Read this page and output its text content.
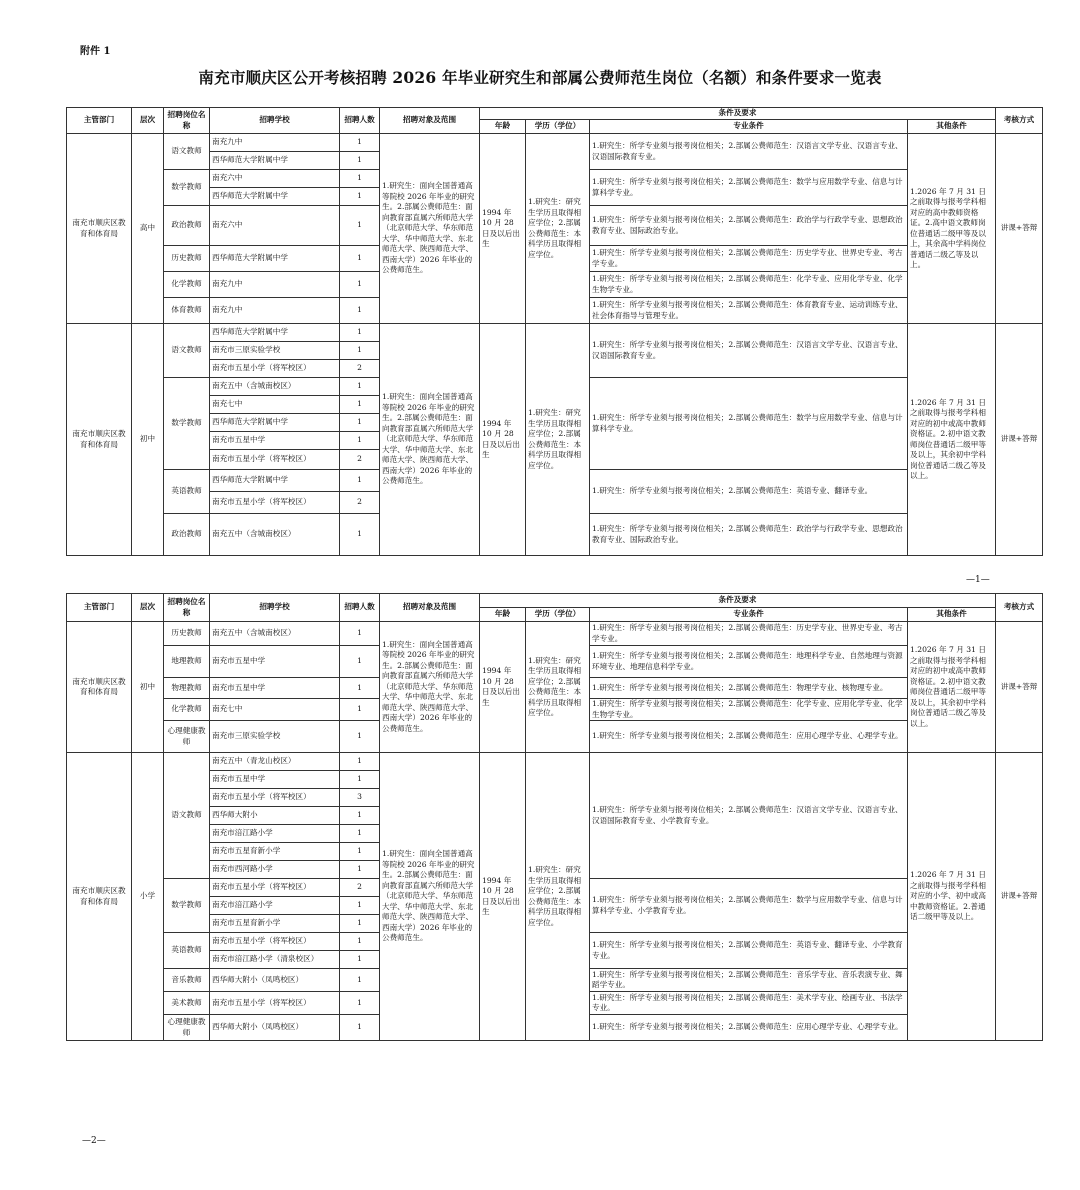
附件 1
南充市顺庆区公开考核招聘 2026 年毕业研究生和部属公费师范生岗位（名额）和条件要求一览表
主管部门	层次	招聘岗位名称	招聘学校	招聘人数	招聘对象及范围	条件及要求				考核方式
						年龄	学历（学位）	专业条件	其他条件	
南充市顺庆区教育和体育局	高中	语文教师	南充九中	1	1.研究生：面向全国普通高等院校 2026 年毕业的研究生。2.部属公费师范生：面向教育部直属六所师范大学（北京师范大学、华东师范大学、华中师范大学、东北师范大学、陕西师范大学、西南大学）2026 年毕业的公费师范生。	1994 年 10 月 28 日及以后出生	1.研究生：研究生学历且取得相应学位；2.部属公费师范生：本科学历且取得相应学位。	1.研究生：所学专业须与报考岗位相关；2.部属公费师范生：汉语言文学专业、汉语言专业、汉语国际教育专业。	1.2026 年 7 月 31 日之前取得与报考学科相对应的高中教师资格证。2.高中语文教师岗位普通话二级甲等及以上，其余高中学科岗位普通话二级乙等及以上。	讲课+答辩
			西华师范大学附属中学	1						
		数学教师	南充六中	1				1.研究生：所学专业须与报考岗位相关；2.部属公费师范生：数学与应用数学专业、信息与计算科学专业。		
			西华师范大学附属中学	1						
		政治教师	南充六中	1				1.研究生：所学专业须与报考岗位相关；2.部属公费师范生：政治学与行政学专业、思想政治教育专业、国际政治专业。		
		历史教师	西华师范大学附属中学	1				1.研究生：所学专业须与报考岗位相关；2.部属公费师范生：历史学专业、世界史专业、考古学专业。		
		化学教师	南充九中	1				1.研究生：所学专业须与报考岗位相关；2.部属公费师范生：化学专业、应用化学专业、化学生物学专业。		
		体育教师	南充九中	1				1.研究生：所学专业须与报考岗位相关；2.部属公费师范生：体育教育专业、运动训练专业、社会体育指导与管理专业。		
南充市顺庆区教育和体育局	初中	语文教师	西华师范大学附属中学	1	1.研究生：面向全国普通高等院校 2026 年毕业的研究生。2.部属公费师范生：面向教育部直属六所师范大学（北京师范大学、华东师范大学、华中师范大学、东北师范大学、陕西师范大学、西南大学）2026 年毕业的公费师范生。	1994 年 10 月 28 日及以后出生	1.研究生：研究生学历且取得相应学位；2.部属公费师范生：本科学历且取得相应学位。	1.研究生：所学专业须与报考岗位相关；2.部属公费师范生：汉语言文学专业、汉语言专业、汉语国际教育专业。	1.2026 年 7 月 31 日之前取得与报考学科相对应的初中或高中教师资格证。2.初中语文教师岗位普通话二级甲等及以上，其余初中学科岗位普通话二级乙等及以上。	讲课+答辩
			南充市三原实验学校	1						
			南充市五星小学（将军校区）	2						
		数学教师	南充五中（含城南校区）	1				1.研究生：所学专业须与报考岗位相关；2.部属公费师范生：数学与应用数学专业、信息与计算科学专业。		
			南充七中	1						
			西华师范大学附属中学	1						
			南充市五星中学	1						
			南充市五星小学（将军校区）	2						
		英语教师	西华师范大学附属中学	1				1.研究生：所学专业须与报考岗位相关；2.部属公费师范生：英语专业、翻译专业。		
			南充市五星小学（将军校区）	2						
		政治教师	南充五中（含城南校区）	1				1.研究生：所学专业须与报考岗位相关；2.部属公费师范生：政治学与行政学专业、思想政治教育专业、国际政治专业。		
—1—
主管部门	层次	招聘岗位名称	招聘学校	招聘人数	招聘对象及范围	条件及要求				考核方式
						年龄	学历（学位）	专业条件	其他条件	
南充市顺庆区教育和体育局	初中	历史教师	南充五中（含城南校区）	1	1.研究生：面向全国普通高等院校 2026 年毕业的研究生。2.部属公费师范生：面向教育部直属六所师范大学（北京师范大学、华东师范大学、华中师范大学、东北师范大学、陕西师范大学、西南大学）2026 年毕业的公费师范生。	1994 年 10 月 28 日及以后出生	1.研究生：研究生学历且取得相应学位；2.部属公费师范生：本科学历且取得相应学位。	1.研究生：所学专业须与报考岗位相关；2.部属公费师范生：历史学专业、世界史专业、考古学专业。	1.2026 年 7 月 31 日之前取得与报考学科相对应的初中或高中教师资格证。2.初中语文教师岗位普通话二级甲等及以上，其余初中学科岗位普通话二级乙等及以上。	讲课+答辩
		地理教师	南充市五星中学	1				1.研究生：所学专业须与报考岗位相关；2.部属公费师范生：地理科学专业、自然地理与资源环境专业、地理信息科学专业。		
		物理教师	南充市五星中学	1				1.研究生：所学专业须与报考岗位相关；2.部属公费师范生：物理学专业、核物理专业。		
		化学教师	南充七中	1				1.研究生：所学专业须与报考岗位相关；2.部属公费师范生：化学专业、应用化学专业、化学生物学专业。		
		心理健康教师	南充市三原实验学校	1				1.研究生：所学专业须与报考岗位相关；2.部属公费师范生：应用心理学专业、心理学专业。		
南充市顺庆区教育和体育局	小学	语文教师	南充五中（青龙山校区）	1	1.研究生：面向全国普通高等院校 2026 年毕业的研究生。2.部属公费师范生：面向教育部直属六所师范大学（北京师范大学、华东师范大学、华中师范大学、东北师范大学、陕西师范大学、西南大学）2026 年毕业的公费师范生。	1994 年 10 月 28 日及以后出生	1.研究生：研究生学历且取得相应学位；2.部属公费师范生：本科学历且取得相应学位。	1.研究生：所学专业须与报考岗位相关；2.部属公费师范生：汉语言文学专业、汉语言专业、汉语国际教育专业、小学教育专业。	1.2026 年 7 月 31 日之前取得与报考学科相对应的小学、初中或高中教师资格证。2.普通话二级甲等及以上。	讲课+答辩
			南充市五星中学	1						
			南充市五星小学（将军校区）	3						
			西华师大附小	1						
			南充市涪江路小学	1						
			南充市五星育新小学	1						
			南充市西河路小学	1						
		数学教师	南充市五星小学（将军校区）	2				1.研究生：所学专业须与报考岗位相关；2.部属公费师范生：数学与应用数学专业、信息与计算科学专业、小学教育专业。		
			南充市涪江路小学	1						
			南充市五星育新小学	1						
		英语教师	南充市五星小学（将军校区）	1				1.研究生：所学专业须与报考岗位相关；2.部属公费师范生：英语专业、翻译专业、小学教育专业。		
			南充市涪江路小学（清泉校区）	1						
		音乐教师	西华师大附小（凤鸣校区）	1				1.研究生：所学专业须与报考岗位相关；2.部属公费师范生：音乐学专业、音乐表演专业、舞蹈学专业。		
		美术教师	南充市五星小学（将军校区）	1				1.研究生：所学专业须与报考岗位相关；2.部属公费师范生：美术学专业、绘画专业、书法学专业。		
		心理健康教师	西华师大附小（凤鸣校区）	1				1.研究生：所学专业须与报考岗位相关；2.部属公费师范生：应用心理学专业、心理学专业。		
—2—
